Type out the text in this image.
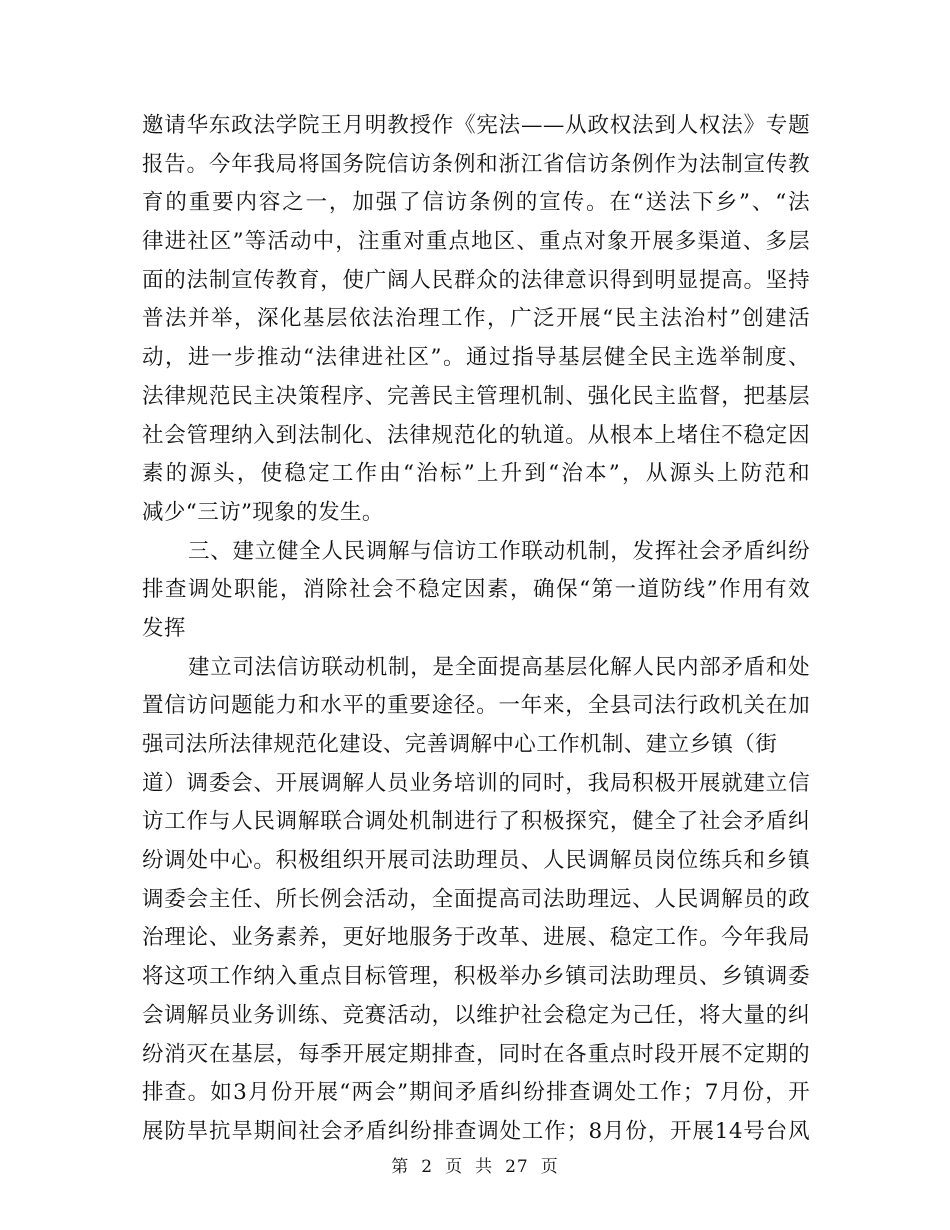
邀请华东政法学院王月明教授作《宪法——从政权法到人权法》专题
报告。今年我局将国务院信访条例和浙江省信访条例作为法制宣传教
育的重要内容之一，加强了信访条例的宣传。在“送法下乡”、“法
律进社区”等活动中，注重对重点地区、重点对象开展多渠道、多层
面的法制宣传教育，使广阔人民群众的法律意识得到明显提高。坚持
普法并举，深化基层依法治理工作，广泛开展“民主法治村”创建活
动，进一步推动“法律进社区”。通过指导基层健全民主选举制度、
法律规范民主决策程序、完善民主管理机制、强化民主监督，把基层
社会管理纳入到法制化、法律规范化的轨道。从根本上堵住不稳定因
素的源头，使稳定工作由“治标”上升到“治本”，从源头上防范和
减少“三访”现象的发生。
三、建立健全人民调解与信访工作联动机制，发挥社会矛盾纠纷
排查调处职能，消除社会不稳定因素，确保“第一道防线”作用有效
发挥
建立司法信访联动机制，是全面提高基层化解人民内部矛盾和处
置信访问题能力和水平的重要途径。一年来，全县司法行政机关在加
强司法所法律规范化建设、完善调解中心工作机制、建立乡镇（街
道）调委会、开展调解人员业务培训的同时，我局积极开展就建立信
访工作与人民调解联合调处机制进行了积极探究，健全了社会矛盾纠
纷调处中心。积极组织开展司法助理员、人民调解员岗位练兵和乡镇
调委会主任、所长例会活动，全面提高司法助理远、人民调解员的政
治理论、业务素养，更好地服务于改革、进展、稳定工作。今年我局
将这项工作纳入重点目标管理，积极举办乡镇司法助理员、乡镇调委
会调解员业务训练、竞赛活动，以维护社会稳定为己任，将大量的纠
纷消灭在基层，每季开展定期排查，同时在各重点时段开展不定期的
排查。如3月份开展“两会”期间矛盾纠纷排查调处工作；7月份，开
展防旱抗旱期间社会矛盾纠纷排查调处工作；8月份，开展14号台风
第 2 页 共 27 页
